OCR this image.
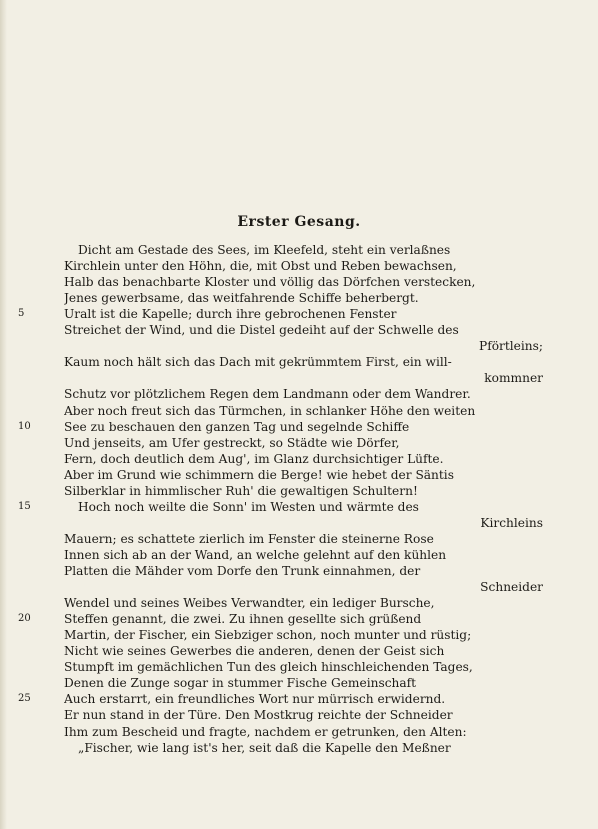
Erster Gesang.
Dicht am Gestade des Sees, im Kleefeld, steht ein verlaßnes
Kirchlein unter den Höhn, die, mit Obst und Reben bewachsen,
Halb das benachbarte Kloster und völlig das Dörfchen verstecken,
Jenes gewerbsame, das weitfahrende Schiffe beherbergt.
5	Uralt ist die Kapelle; durch ihre gebrochenen Fenster
Streichet der Wind, und die Distel gedeiht auf der Schwelle des
Pförtleins;
Kaum noch hält sich das Dach mit gekrümmtem First, ein will-
kommner
Schutz vor plötzlichem Regen dem Landmann oder dem Wandrer.
Aber noch freut sich das Türmchen, in schlanker Höhe den weiten
10	See zu beschauen den ganzen Tag und segelnde Schiffe
Und jenseits, am Ufer gestreckt, so Städte wie Dörfer,
Fern, doch deutlich dem Aug', im Glanz durchsichtiger Lüfte.
Aber im Grund wie schimmern die Berge! wie hebet der Säntis
Silberklar in himmlischer Ruh' die gewaltigen Schultern!
15	Hoch noch weilte die Sonn' im Westen und wärmte des
Kirchleins
Mauern; es schattete zierlich im Fenster die steinerne Rose
Innen sich ab an der Wand, an welche gelehnt auf den kühlen
Platten die Mähder vom Dorfe den Trunk einnahmen, der
Schneider
Wendel und seines Weibes Verwandter, ein lediger Bursche,
20	Steffen genannt, die zwei. Zu ihnen gesellte sich grüßend
Martin, der Fischer, ein Siebziger schon, noch munter und rüstig;
Nicht wie seines Gewerbes die anderen, denen der Geist sich
Stumpft im gemächlichen Tun des gleich hinschleichenden Tages,
Denen die Zunge sogar in stummer Fische Gemeinschaft
25	Auch erstarrt, ein freundliches Wort nur mürrisch erwidernd.
Er nun stand in der Türe. Den Mostkrug reichte der Schneider
Ihm zum Bescheid und fragte, nachdem er getrunken, den Alten:
„Fischer, wie lang ist's her, seit daß die Kapelle den Meßner
